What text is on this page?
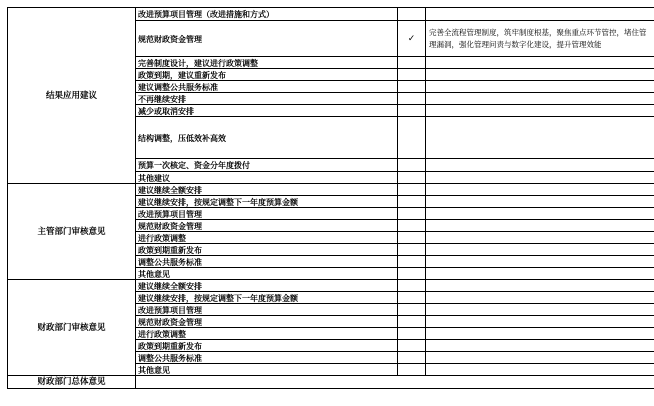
结果应用建议	改进预算项目管理（改进措施和方式）		
	规范财政资金管理	✓	完善全流程管理制度，筑牢制度根基，聚焦重点环节管控，堵住管理漏洞，强化管理问责与数字化建设，提升管理效能
	完善制度设计，建议进行政策调整		
	政策到期，建议重新发布		
	建议调整公共服务标准		
	不再继续安排		
	减少或取消安排		
	结构调整，压低效补高效		
	预算一次核定、资金分年度拨付		
	其他建议		
主管部门审核意见	建议继续全额安排		
	建议继续安排，按规定调整下一年度预算金额		
	改进预算项目管理		
	规范财政资金管理		
	进行政策调整		
	政策到期重新发布		
	调整公共服务标准		
	其他意见		
财政部门审核意见	建议继续全额安排		
	建议继续安排，按规定调整下一年度预算金额		
	改进预算项目管理		
	规范财政资金管理		
	进行政策调整		
	政策到期重新发布		
	调整公共服务标准		
	其他意见		
财政部门总体意见			
